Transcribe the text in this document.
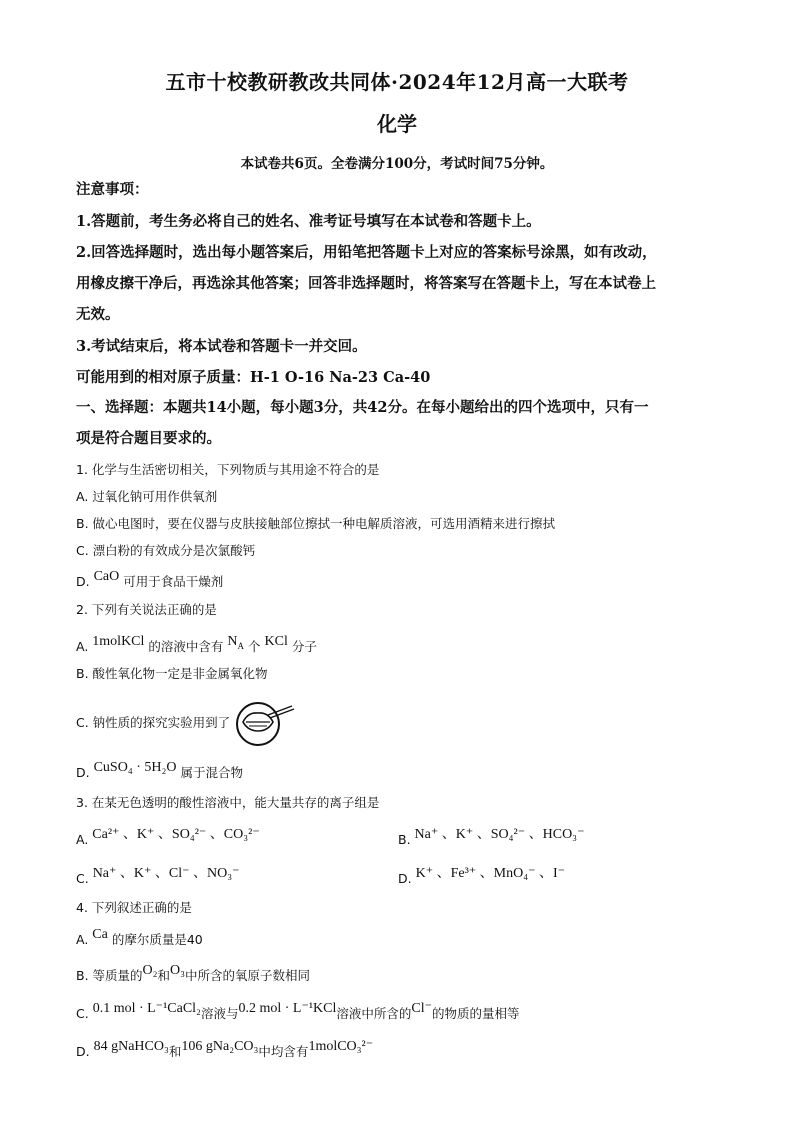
五市十校教研教改共同体·2024年12月高一大联考
化学
本试卷共6页。全卷满分100分，考试时间75分钟。
注意事项：
1.答题前，考生务必将自己的姓名、准考证号填写在本试卷和答题卡上。
2.回答选择题时，选出每小题答案后，用铅笔把答题卡上对应的答案标号涂黑，如有改动，
用橡皮擦干净后，再选涂其他答案；回答非选择题时，将答案写在答题卡上，写在本试卷上
无效。
3.考试结束后，将本试卷和答题卡一并交回。
可能用到的相对原子质量：H-1 O-16 Na-23 Ca-40
一、选择题：本题共14小题，每小题3分，共42分。在每小题给出的四个选项中，只有一
项是符合题目要求的。
1. 化学与生活密切相关，下列物质与其用途不符合的是
A. 过氧化钠可用作供氧剂
B. 做心电图时，要在仪器与皮肤接触部位擦拭一种电解质溶液，可选用酒精来进行擦拭
C. 漂白粉的有效成分是次氯酸钙
D. CaO 可用于食品干燥剂
2. 下列有关说法正确的是
A. 1molKCl 的溶液中含有 $N_A$ 个 KCl 分子
B. 酸性氧化物一定是非金属氧化物
C. 钠性质的探究实验用到了
D. CuSO₄ · 5H₂O 属于混合物
3. 在某无色透明的酸性溶液中，能大量共存的离子组是
A. Ca²⁺ 、K⁺ 、SO₄²⁻ 、CO₃²⁻	B. Na⁺ 、K⁺ 、SO₄²⁻ 、HCO₃⁻
C. Na⁺ 、K⁺ 、Cl⁻ 、NO₃⁻	D. K⁺ 、Fe³⁺ 、MnO₄⁻ 、I⁻
4. 下列叙述正确的是
A. Ca 的摩尔质量是40
B. 等质量的O₂和O₃中所含的氧原子数相同
C. 0.1 mol · L⁻¹CaCl₂溶液与0.2 mol · L⁻¹KCl溶液中所含的Cl⁻的物质的量相等
D. 84 gNaHCO₃和106 gNa₂CO₃中均含有1molCO₃²⁻
